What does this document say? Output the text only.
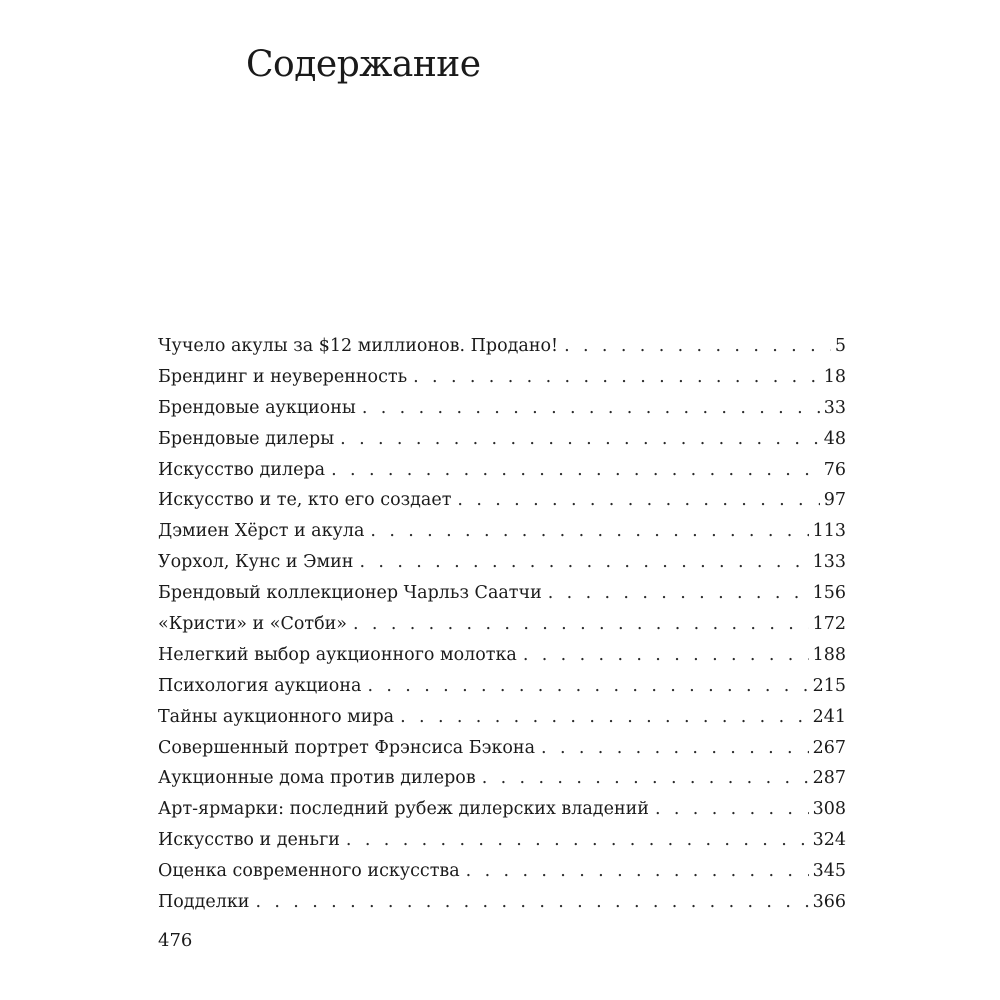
Содержание
Чучело акулы за $12 миллионов. Продано! . . .	5
Брендинг и неуверенность . . .	18
Брендовые аукционы . . .	33
Брендовые дилеры . . .	48
Искусство дилера . . .	76
Искусство и те, кто его создает . . .	97
Дэмиен Хёрст и акула . . .	113
Уорхол, Кунс и Эмин . . .	133
Брендовый коллекционер Чарльз Саатчи . . .	156
«Кристи» и «Сотби» . . .	172
Нелегкий выбор аукционного молотка . . .	188
Психология аукциона . . .	215
Тайны аукционного мира . . .	241
Совершенный портрет Фрэнсиса Бэкона . . .	267
Аукционные дома против дилеров . . .	287
Арт-ярмарки: последний рубеж дилерских владений . . .	308
Искусство и деньги . . .	324
Оценка современного искусства . . .	345
Подделки . . .	366
476
